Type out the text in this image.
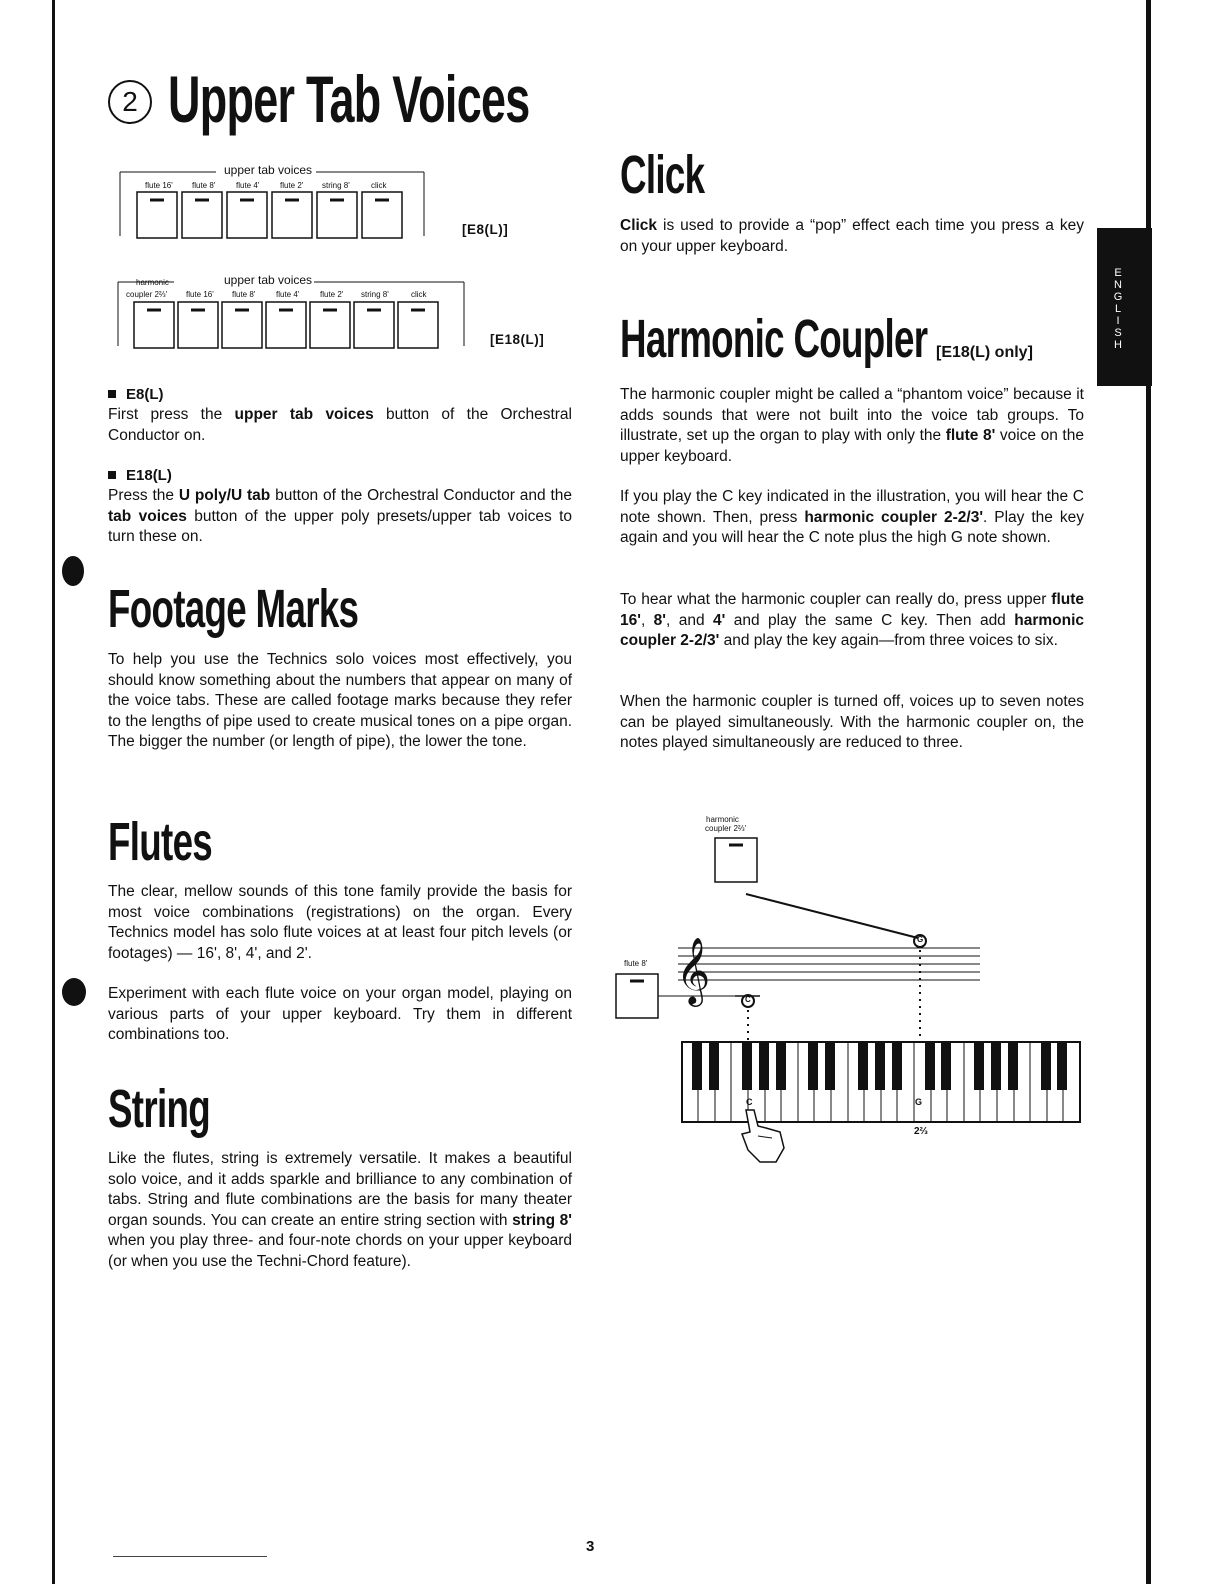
E
N
G
L
I
S
H
2 Upper Tab Voices
upper tab voices
flute 16' flute 8'	flute 4'	flute 2' string 8'	click
[E8(L)]
harmonic	upper tab voices
coupler 2⅔' flute 16' flute 8'	flute 4'	flute 2' string 8'	click
[E18(L)]
E8(L)
First press the upper tab voices button of the Orchestral Conductor on.
E18(L)
Press the U poly/U tab button of the Orchestral Conductor and the tab voices button of the upper poly presets/upper tab voices to turn these on.
Footage Marks
To help you use the Technics solo voices most effectively, you should know something about the numbers that appear on many of the voice tabs. These are called footage marks because they refer to the lengths of pipe used to create musical tones on a pipe organ. The bigger the number (or length of pipe), the lower the tone.
Flutes
The clear, mellow sounds of this tone family provide the basis for most voice combinations (registrations) on the organ. Every Technics model has solo flute voices at at least four pitch levels (or footages) — 16', 8', 4', and 2'.
Experiment with each flute voice on your organ model, playing on various parts of your upper keyboard. Try them in different combinations too.
String
Like the flutes, string is extremely versatile. It makes a beautiful solo voice, and it adds sparkle and brilliance to any combination of tabs. String and flute combinations are the basis for many theater organ sounds. You can create an entire string section with string 8' when you play three- and four-note chords on your upper keyboard (or when you use the Techni-Chord feature).
Click
Click is used to provide a “pop” effect each time you press a key on your upper keyboard.
Harmonic Coupler [E18(L) only]
The harmonic coupler might be called a “phantom voice” because it adds sounds that were not built into the voice tab groups. To illustrate, set up the organ to play with only the flute 8' voice on the upper keyboard.
If you play the C key indicated in the illustration, you will hear the C note shown. Then, press harmonic coupler 2-2/3'. Play the key again and you will hear the C note plus the high G note shown.
To hear what the harmonic coupler can really do, press upper flute 16', 8', and 4' and play the same C key. Then add harmonic coupler 2-2/3' and play the key again—from three voices to six.
When the harmonic coupler is turned off, voices up to seven notes can be played simultaneously. With the harmonic coupler on, the notes played simultaneously are reduced to three.
𝄞
harmonic
coupler 2⅔'
flute 8'
C
G
C	G
2⅔
3
